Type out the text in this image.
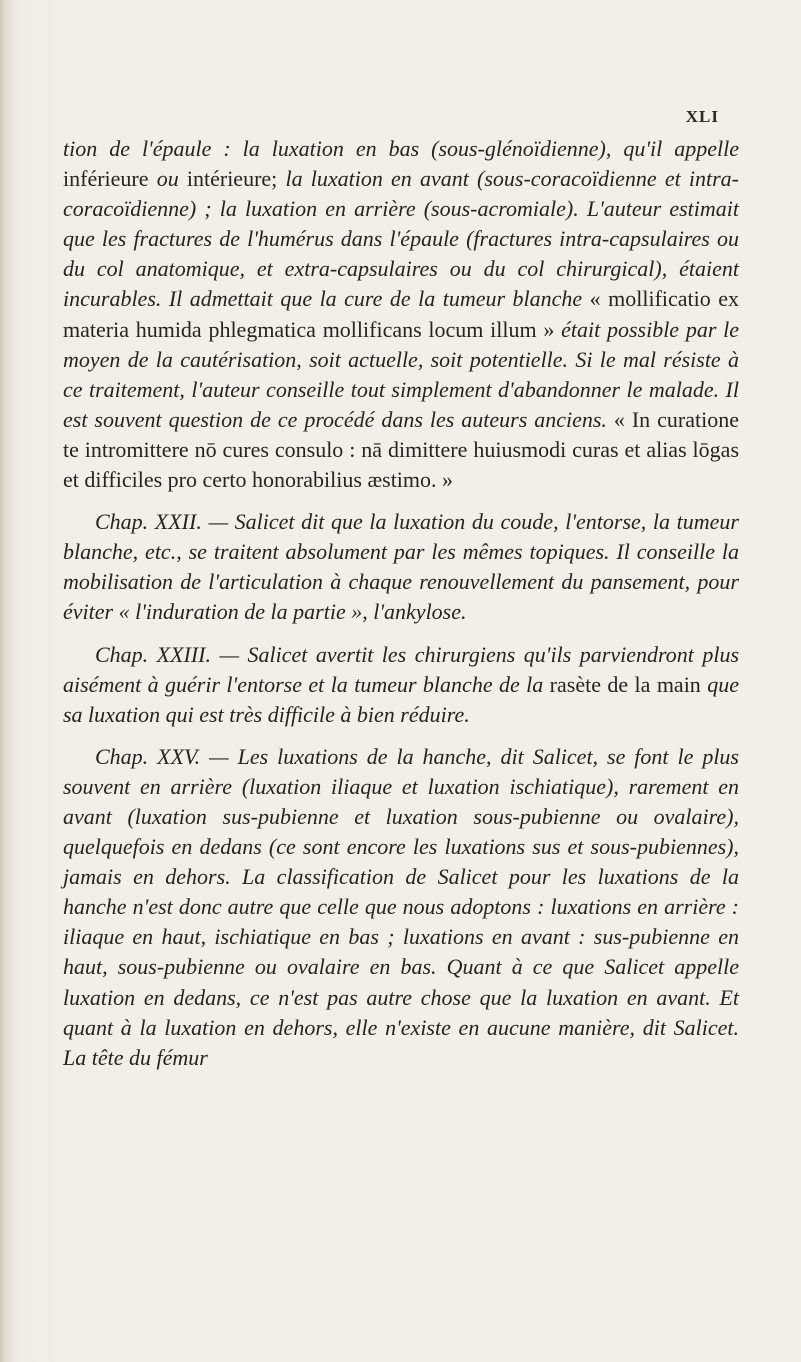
XLI

tion de l'épaule : la luxation en bas (sous-glénoïdienne), qu'il appelle inférieure ou intérieure; la luxation en avant (sous-coracoïdienne et intra-coracoïdienne) ; la luxation en arrière (sous-acromiale). L'auteur estimait que les fractures de l'humérus dans l'épaule (fractures intra-capsulaires ou du col anatomique, et extra-capsulaires ou du col chirurgical), étaient incurables. Il admettait que la cure de la tumeur blanche « mollificatio ex materia humida phlegmatica mollificans locum illum » était possible par le moyen de la cautérisation, soit actuelle, soit potentielle. Si le mal résiste à ce traitement, l'auteur conseille tout simplement d'abandonner le malade. Il est souvent question de ce procédé dans les auteurs anciens. « In curatione te intromittere nō cures consulo : nā dimittere huiusmodi curas et alias lōgas et difficiles pro certo honorabilius æstimo. »

Chap. XXII. — Salicet dit que la luxation du coude, l'entorse, la tumeur blanche, etc., se traitent absolument par les mêmes topiques. Il conseille la mobilisation de l'articulation à chaque renouvellement du pansement, pour éviter « l'induration de la partie », l'ankylose.

Chap. XXIII. — Salicet avertit les chirurgiens qu'ils parviendront plus aisément à guérir l'entorse et la tumeur blanche de la rasète de la main que sa luxation qui est très difficile à bien réduire.

Chap. XXV. — Les luxations de la hanche, dit Salicet, se font le plus souvent en arrière (luxation iliaque et luxation ischiatique), rarement en avant (luxation sus-pubienne et luxation sous-pubienne ou ovalaire), quelquefois en dedans (ce sont encore les luxations sus et sous-pubiennes), jamais en dehors. La classification de Salicet pour les luxations de la hanche n'est donc autre que celle que nous adoptons : luxations en arrière : iliaque en haut, ischiatique en bas ; luxations en avant : sus-pubienne en haut, sous-pubienne ou ovalaire en bas. Quant à ce que Salicet appelle luxation en dedans, ce n'est pas autre chose que la luxation en avant. Et quant à la luxation en dehors, elle n'existe en aucune manière, dit Salicet. La tête du fémur
